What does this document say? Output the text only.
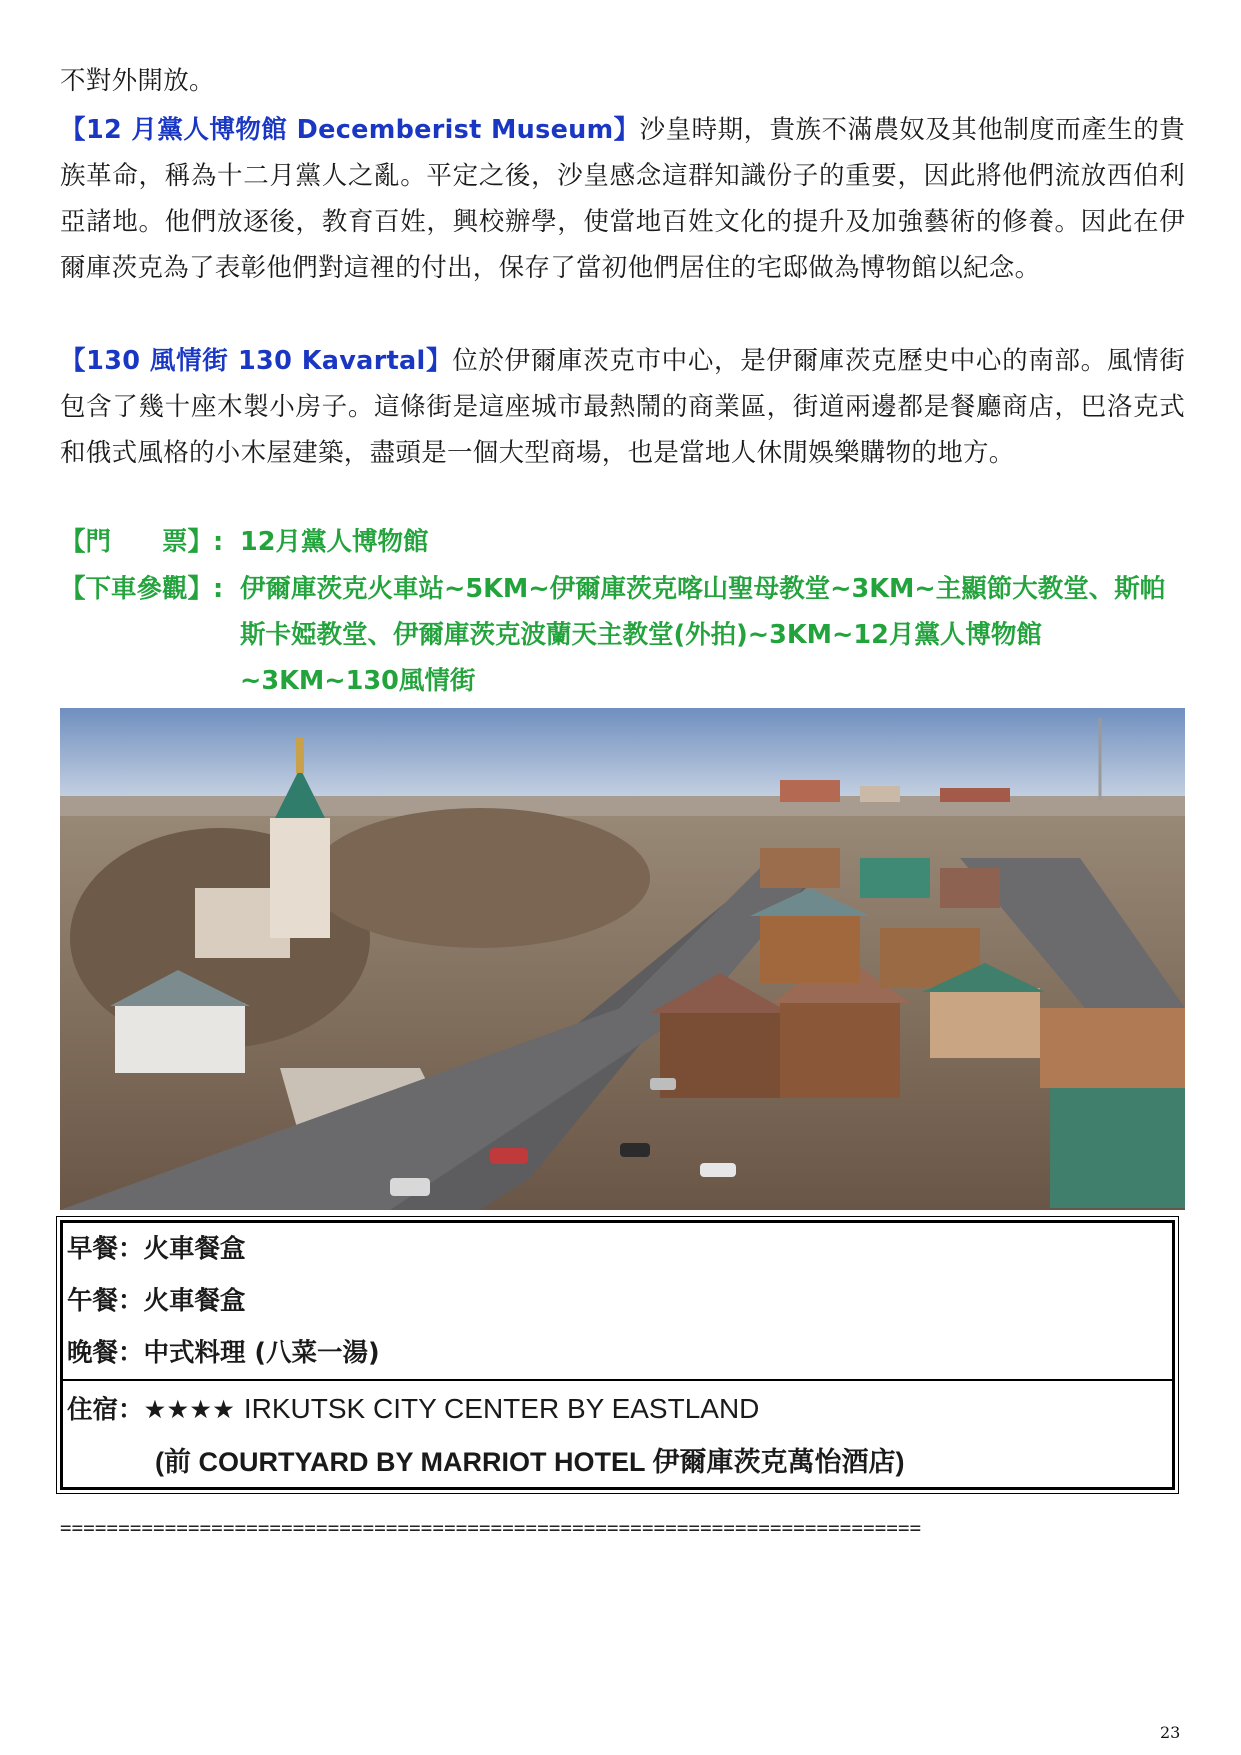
不對外開放。

【12 月黨人博物館 Decemberist Museum】沙皇時期，貴族不滿農奴及其他制度而產生的貴族革命，稱為十二月黨人之亂。平定之後，沙皇感念這群知識份子的重要，因此將他們流放西伯利亞諸地。他們放逐後，教育百姓，興校辦學，使當地百姓文化的提升及加強藝術的修養。因此在伊爾庫茨克為了表彰他們對這裡的付出，保存了當初他們居住的宅邸做為博物館以紀念。

【130 風情街 130 Kavartal】位於伊爾庫茨克市中心，是伊爾庫茨克歷史中心的南部。風情街包含了幾十座木製小房子。這條街是這座城市最熱鬧的商業區，街道兩邊都是餐廳商店，巴洛克式和俄式風格的小木屋建築，盡頭是一個大型商場，也是當地人休閒娛樂購物的地方。

【門　　票】: 12月黨人博物館
【下車參觀】: 伊爾庫茨克火車站~5KM~伊爾庫茨克喀山聖母教堂~3KM~主顯節大教堂、斯帕斯卡婭教堂、伊爾庫茨克波蘭天主教堂(外拍)~3KM~12月黨人博物館~3KM~130風情街
早餐：火車餐盒
午餐：火車餐盒
晚餐：中式料理 (八菜一湯)
住宿：★★★★ IRKUTSK CITY CENTER BY EASTLAND
(前 COURTYARD BY MARRIOT HOTEL 伊爾庫茨克萬怡酒店)
==========================================================================
23
